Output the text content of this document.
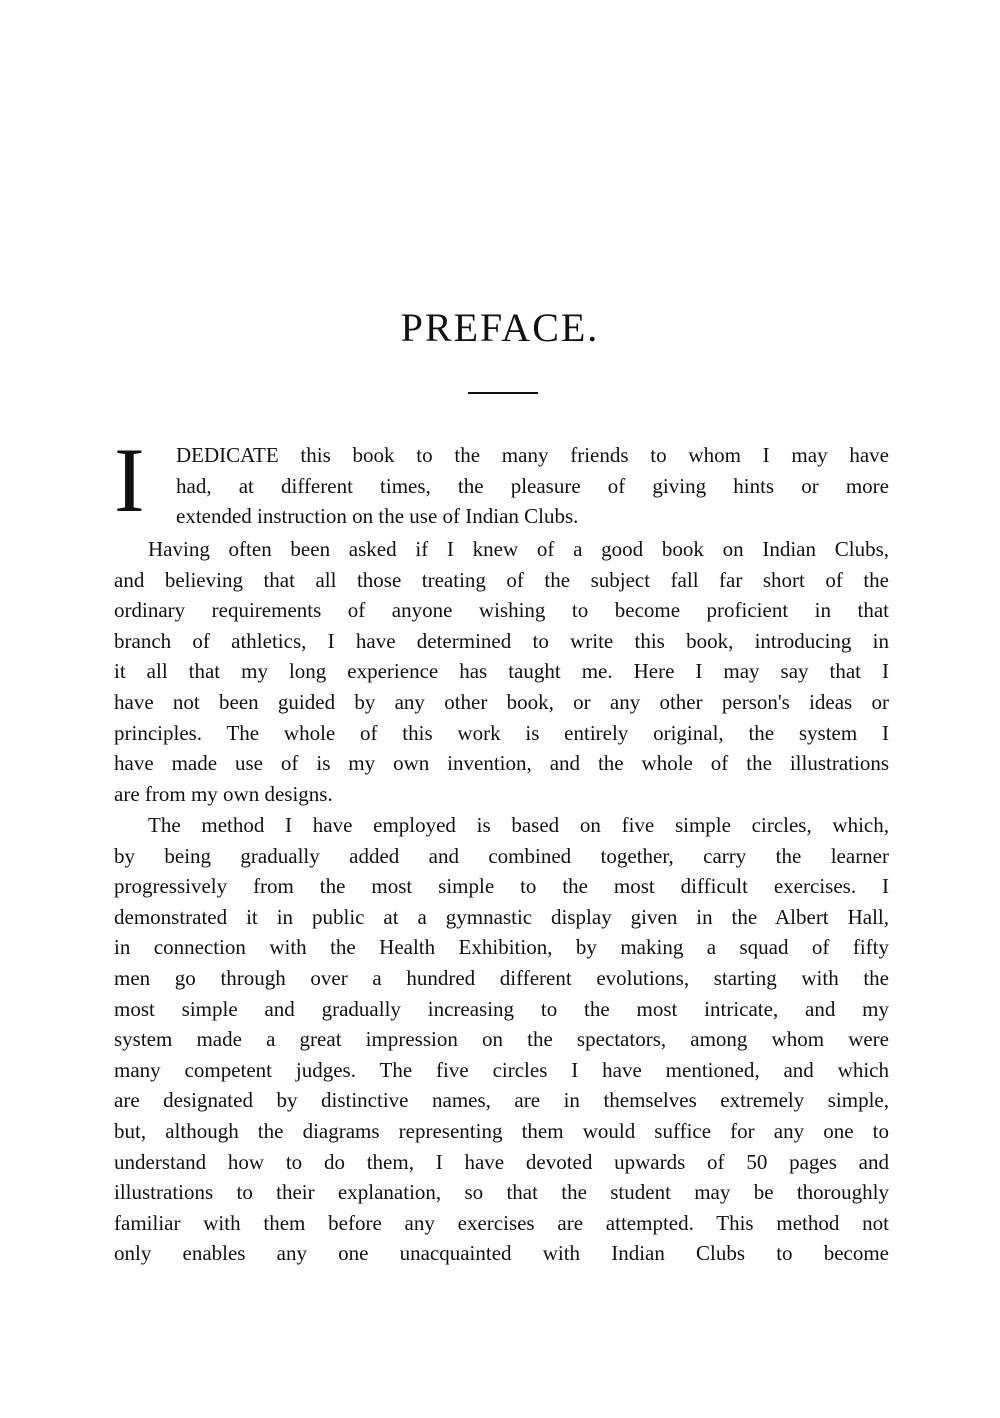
PREFACE.
I	DEDICATE this book to the many friends to whom I may have
had, at different times, the pleasure of giving hints or more
extended instruction on the use of Indian Clubs.
Having often been asked if I knew of a good book on Indian Clubs,
and believing that all those treating of the subject fall far short of the
ordinary requirements of anyone wishing to become proficient in that
branch of athletics, I have determined to write this book, introducing in
it all that my long experience has taught me. Here I may say that I
have not been guided by any other book, or any other person's ideas or
principles. The whole of this work is entirely original, the system I
have made use of is my own invention, and the whole of the illustrations
are from my own designs.
The method I have employed is based on five simple circles, which,
by being gradually added and combined together, carry the learner
progressively from the most simple to the most difficult exercises. I
demonstrated it in public at a gymnastic display given in the Albert Hall,
in connection with the Health Exhibition, by making a squad of fifty
men go through over a hundred different evolutions, starting with the
most simple and gradually increasing to the most intricate, and my
system made a great impression on the spectators, among whom were
many competent judges. The five circles I have mentioned, and which
are designated by distinctive names, are in themselves extremely simple,
but, although the diagrams representing them would suffice for any one to
understand how to do them, I have devoted upwards of 50 pages and
illustrations to their explanation, so that the student may be thoroughly
familiar with them before any exercises are attempted. This method not
only enables any one unacquainted with Indian Clubs to become
